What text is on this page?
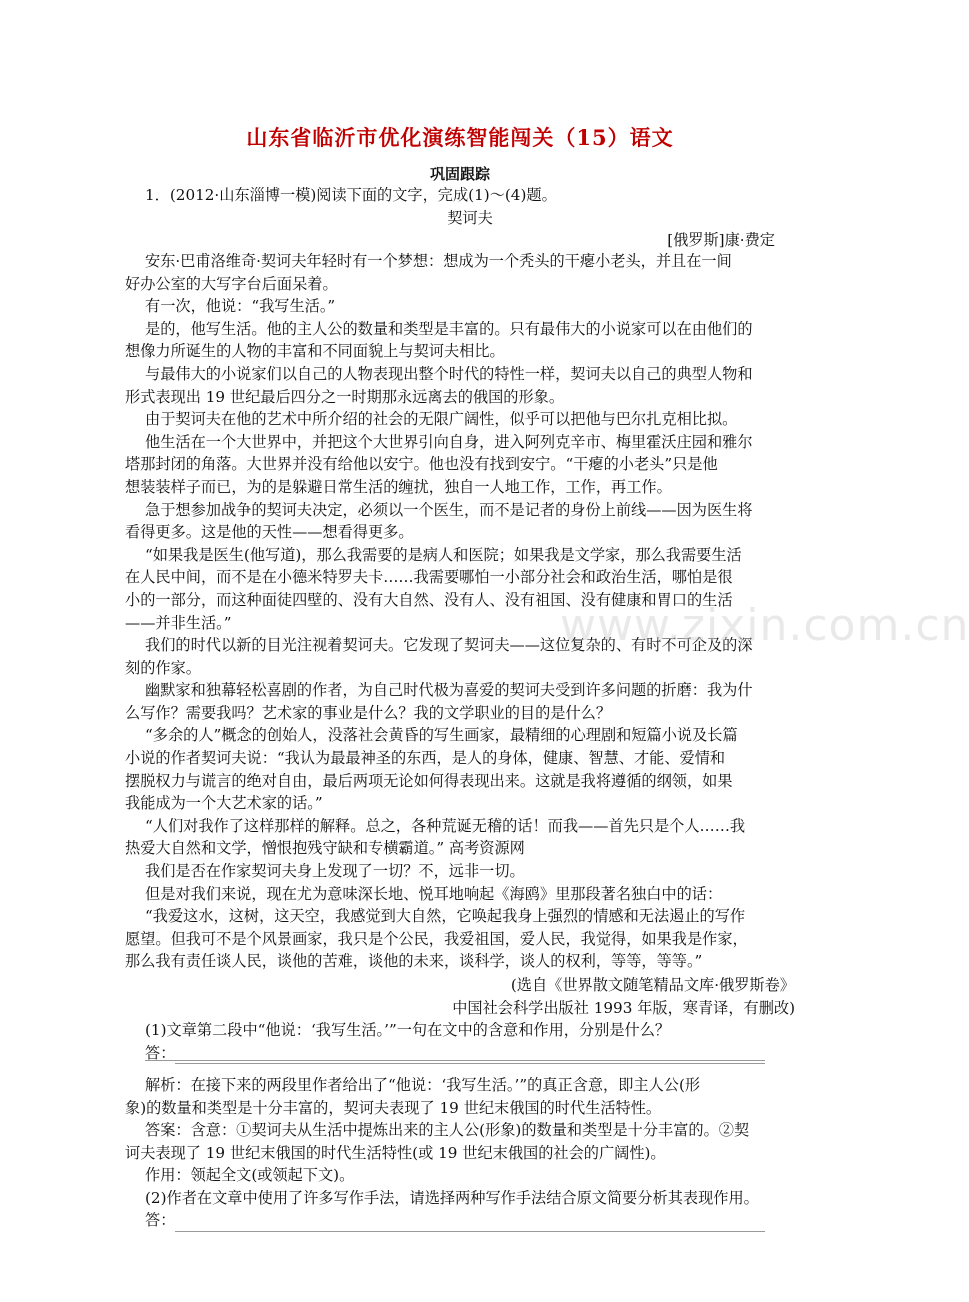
山东省临沂市优化演练智能闯关（15）语文
巩固跟踪
1．(2012·山东淄博一模)阅读下面的文字，完成(1)～(4)题。
契诃夫
[俄罗斯]康·费定
安东·巴甫洛维奇·契诃夫年轻时有一个梦想：想成为一个秃头的干瘪小老头，并且在一间
好办公室的大写字台后面呆着。
有一次，他说：“我写生活。”
是的，他写生活。他的主人公的数量和类型是丰富的。只有最伟大的小说家可以在由他们的
想像力所诞生的人物的丰富和不同面貌上与契诃夫相比。
与最伟大的小说家们以自己的人物表现出整个时代的特性一样，契诃夫以自己的典型人物和
形式表现出 19 世纪最后四分之一时期那永远离去的俄国的形象。
由于契诃夫在他的艺术中所介绍的社会的无限广阔性，似乎可以把他与巴尔扎克相比拟。
他生活在一个大世界中，并把这个大世界引向自身，进入阿列克辛市、梅里霍沃庄园和雅尔
塔那封闭的角落。大世界并没有给他以安宁。他也没有找到安宁。“干瘪的小老头”只是他
想装装样子而已，为的是躲避日常生活的缠扰，独自一人地工作，工作，再工作。
急于想参加战争的契诃夫决定，必须以一个医生，而不是记者的身份上前线——因为医生将
看得更多。这是他的天性——想看得更多。
“如果我是医生(他写道)，那么我需要的是病人和医院；如果我是文学家，那么我需要生活
在人民中间，而不是在小德米特罗夫卡……我需要哪怕一小部分社会和政治生活，哪怕是很
小的一部分，而这种面徒四壁的、没有大自然、没有人、没有祖国、没有健康和胃口的生活
——并非生活。”
我们的时代以新的目光注视着契诃夫。它发现了契诃夫——这位复杂的、有时不可企及的深
刻的作家。
幽默家和独幕轻松喜剧的作者，为自己时代极为喜爱的契诃夫受到许多问题的折磨：我为什
么写作？需要我吗？艺术家的事业是什么？我的文学职业的目的是什么？
“多余的人”概念的创始人，没落社会黄昏的写生画家，最精细的心理剧和短篇小说及长篇
小说的作者契诃夫说：“我认为最最神圣的东西，是人的身体，健康、智慧、才能、爱情和
摆脱权力与谎言的绝对自由，最后两项无论如何得表现出来。这就是我将遵循的纲领，如果
我能成为一个大艺术家的话。”
“人们对我作了这样那样的解释。总之，各种荒诞无稽的话！而我——首先只是个人……我
热爱大自然和文学，憎恨抱残守缺和专横霸道。” 高考资源网
我们是否在作家契诃夫身上发现了一切？不，远非一切。
但是对我们来说，现在尤为意味深长地、悦耳地响起《海鸥》里那段著名独白中的话：
“我爱这水，这树，这天空，我感觉到大自然，它唤起我身上强烈的情感和无法遏止的写作
愿望。但我可不是个风景画家，我只是个公民，我爱祖国，爱人民，我觉得，如果我是作家，
那么我有责任谈人民，谈他的苦难，谈他的未来，谈科学，谈人的权利，等等，等等。”
(选自《世界散文随笔精品文库·俄罗斯卷》
中国社会科学出版社 1993 年版，寒青译，有删改)
(1)文章第二段中“他说：‘我写生活。’”一句在文中的含意和作用，分别是什么？
答：
解析：在接下来的两段里作者给出了“他说：‘我写生活。’”的真正含意，即主人公(形
象)的数量和类型是十分丰富的，契诃夫表现了 19 世纪末俄国的时代生活特性。
答案：含意：①契诃夫从生活中提炼出来的主人公(形象)的数量和类型是十分丰富的。②契
诃夫表现了 19 世纪末俄国的时代生活特性(或 19 世纪末俄国的社会的广阔性)。
作用：领起全文(或领起下文)。
(2)作者在文章中使用了许多写作手法，请选择两种写作手法结合原文简要分析其表现作用。
答：
www.zixin.com.cn
